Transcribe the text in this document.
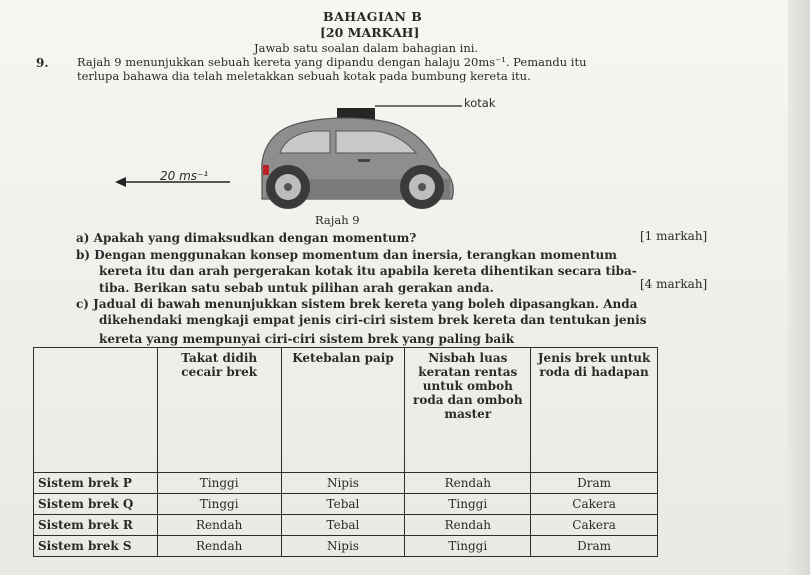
BAHAGIAN B
[20 MARKAH]
Jawab satu soalan dalam bahagian ini.
9. Rajah 9 menunjukkan sebuah kereta yang dipandu dengan halaju 20ms⁻¹. Pemandu itu
terlupa bahawa dia telah meletakkan sebuah kotak pada bumbung kereta itu.
kotak
20 ms⁻¹
Rajah 9
a) Apakah yang dimaksudkan dengan momentum?	[1 markah]
b) Dengan menggunakan konsep momentum dan inersia, terangkan momentum
kereta itu dan arah pergerakan kotak itu apabila kereta dihentikan secara tiba-
tiba. Berikan satu sebab untuk pilihan arah gerakan anda.	[4 markah]
c) Jadual di bawah menunjukkan sistem brek kereta yang boleh dipasangkan. Anda
dikehendaki mengkaji empat jenis ciri-ciri sistem brek kereta dan tentukan jenis
kereta yang mempunyai ciri-ciri sistem brek yang paling baik
	Takat didih cecair brek	Ketebalan paip	Nisbah luas keratan rentas untuk omboh roda dan omboh master	Jenis brek untuk roda di hadapan
Sistem brek P	Tinggi	Nipis	Rendah	Dram
Sistem brek Q	Tinggi	Tebal	Tinggi	Cakera
Sistem brek R	Rendah	Tebal	Rendah	Cakera
Sistem brek S	Rendah	Nipis	Tinggi	Dram
